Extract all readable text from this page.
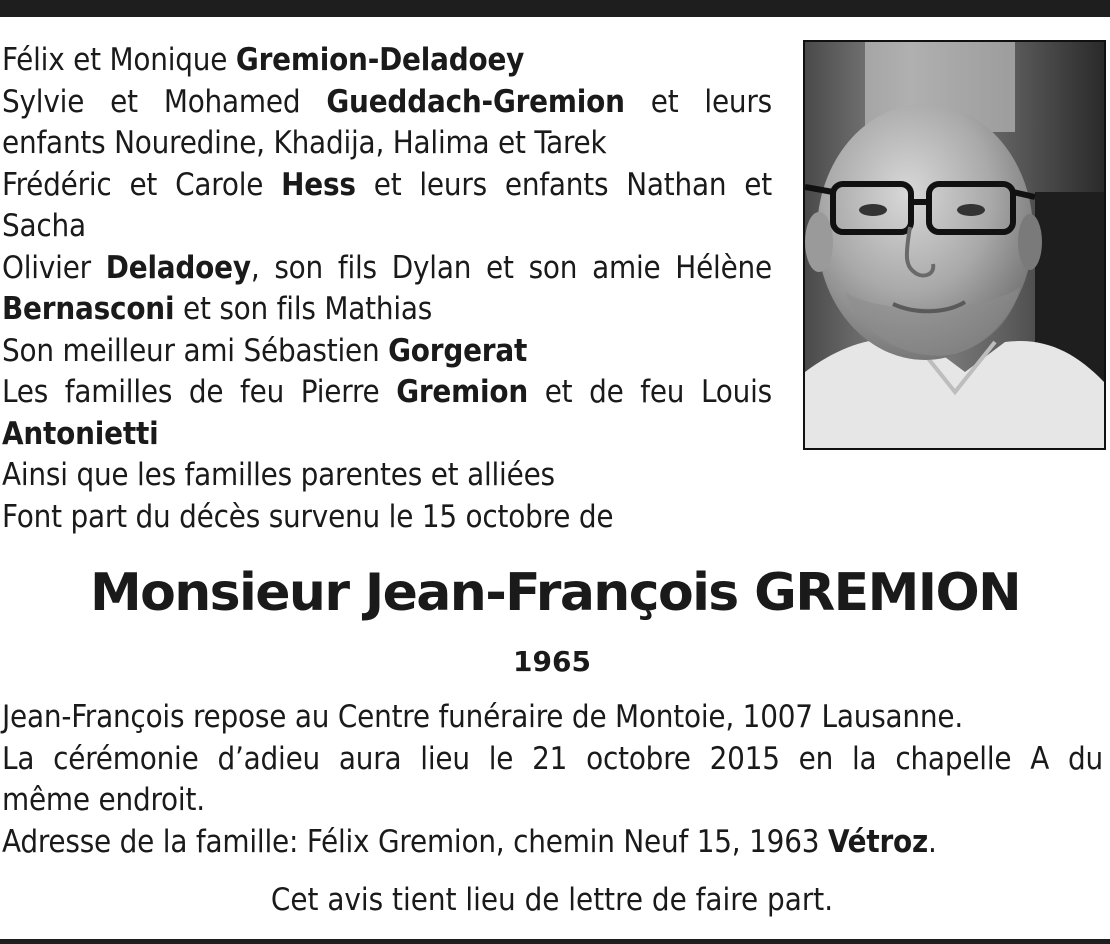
Félix et Monique Gremion-Deladoey
Sylvie et Mohamed Gueddach-Gremion et leurs
enfants Nouredine, Khadija, Halima et Tarek
Frédéric et Carole Hess et leurs enfants Nathan et
Sacha
Olivier Deladoey, son fils Dylan et son amie Hélène
Bernasconi et son fils Mathias
Son meilleur ami Sébastien Gorgerat
Les familles de feu Pierre Gremion et de feu Louis
Antonietti
Ainsi que les familles parentes et alliées
Font part du décès survenu le 15 octobre de
Monsieur Jean-François GREMION
1965
Jean-François repose au Centre funéraire de Montoie, 1007 Lausanne.
La cérémonie d’adieu aura lieu le 21 octobre 2015 en la chapelle A du
même endroit.
Adresse de la famille: Félix Gremion, chemin Neuf 15, 1963 Vétroz.
Cet avis tient lieu de lettre de faire part.
